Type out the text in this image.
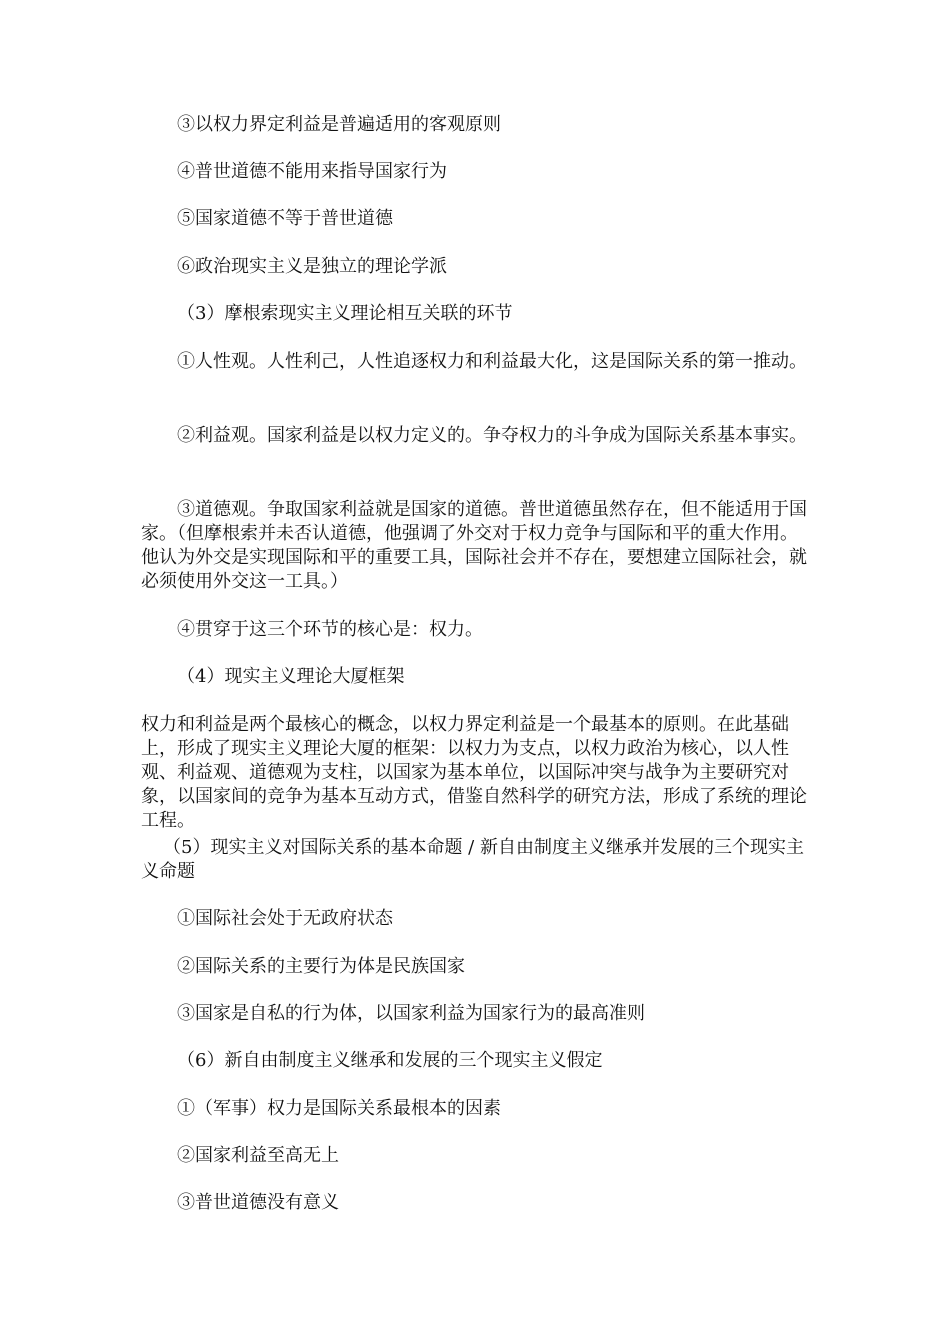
③以权力界定利益是普遍适用的客观原则

④普世道德不能用来指导国家行为

⑤国家道德不等于普世道德

⑥政治现实主义是独立的理论学派

（3）摩根索现实主义理论相互关联的环节

①人性观。人性利己，人性追逐权力和利益最大化，这是国际关系的第一推动。

②利益观。国家利益是以权力定义的。争夺权力的斗争成为国际关系基本事实。

③道德观。争取国家利益就是国家的道德。普世道德虽然存在，但不能适用于国家。（但摩根索并未否认道德，他强调了外交对于权力竞争与国际和平的重大作用。他认为外交是实现国际和平的重要工具，国际社会并不存在，要想建立国际社会，就必须使用外交这一工具。）

④贯穿于这三个环节的核心是：权力。

（4）现实主义理论大厦框架

权力和利益是两个最核心的概念，以权力界定利益是一个最基本的原则。在此基础上，形成了现实主义理论大厦的框架：以权力为支点，以权力政治为核心，以人性观、利益观、道德观为支柱，以国家为基本单位，以国际冲突与战争为主要研究对象，以国家间的竞争为基本互动方式，借鉴自然科学的研究方法，形成了系统的理论工程。

（5）现实主义对国际关系的基本命题 / 新自由制度主义继承并发展的三个现实主义命题

①国际社会处于无政府状态

②国际关系的主要行为体是民族国家

③国家是自私的行为体，以国家利益为国家行为的最高准则

（6）新自由制度主义继承和发展的三个现实主义假定

①（军事）权力是国际关系最根本的因素

②国家利益至高无上

③普世道德没有意义
